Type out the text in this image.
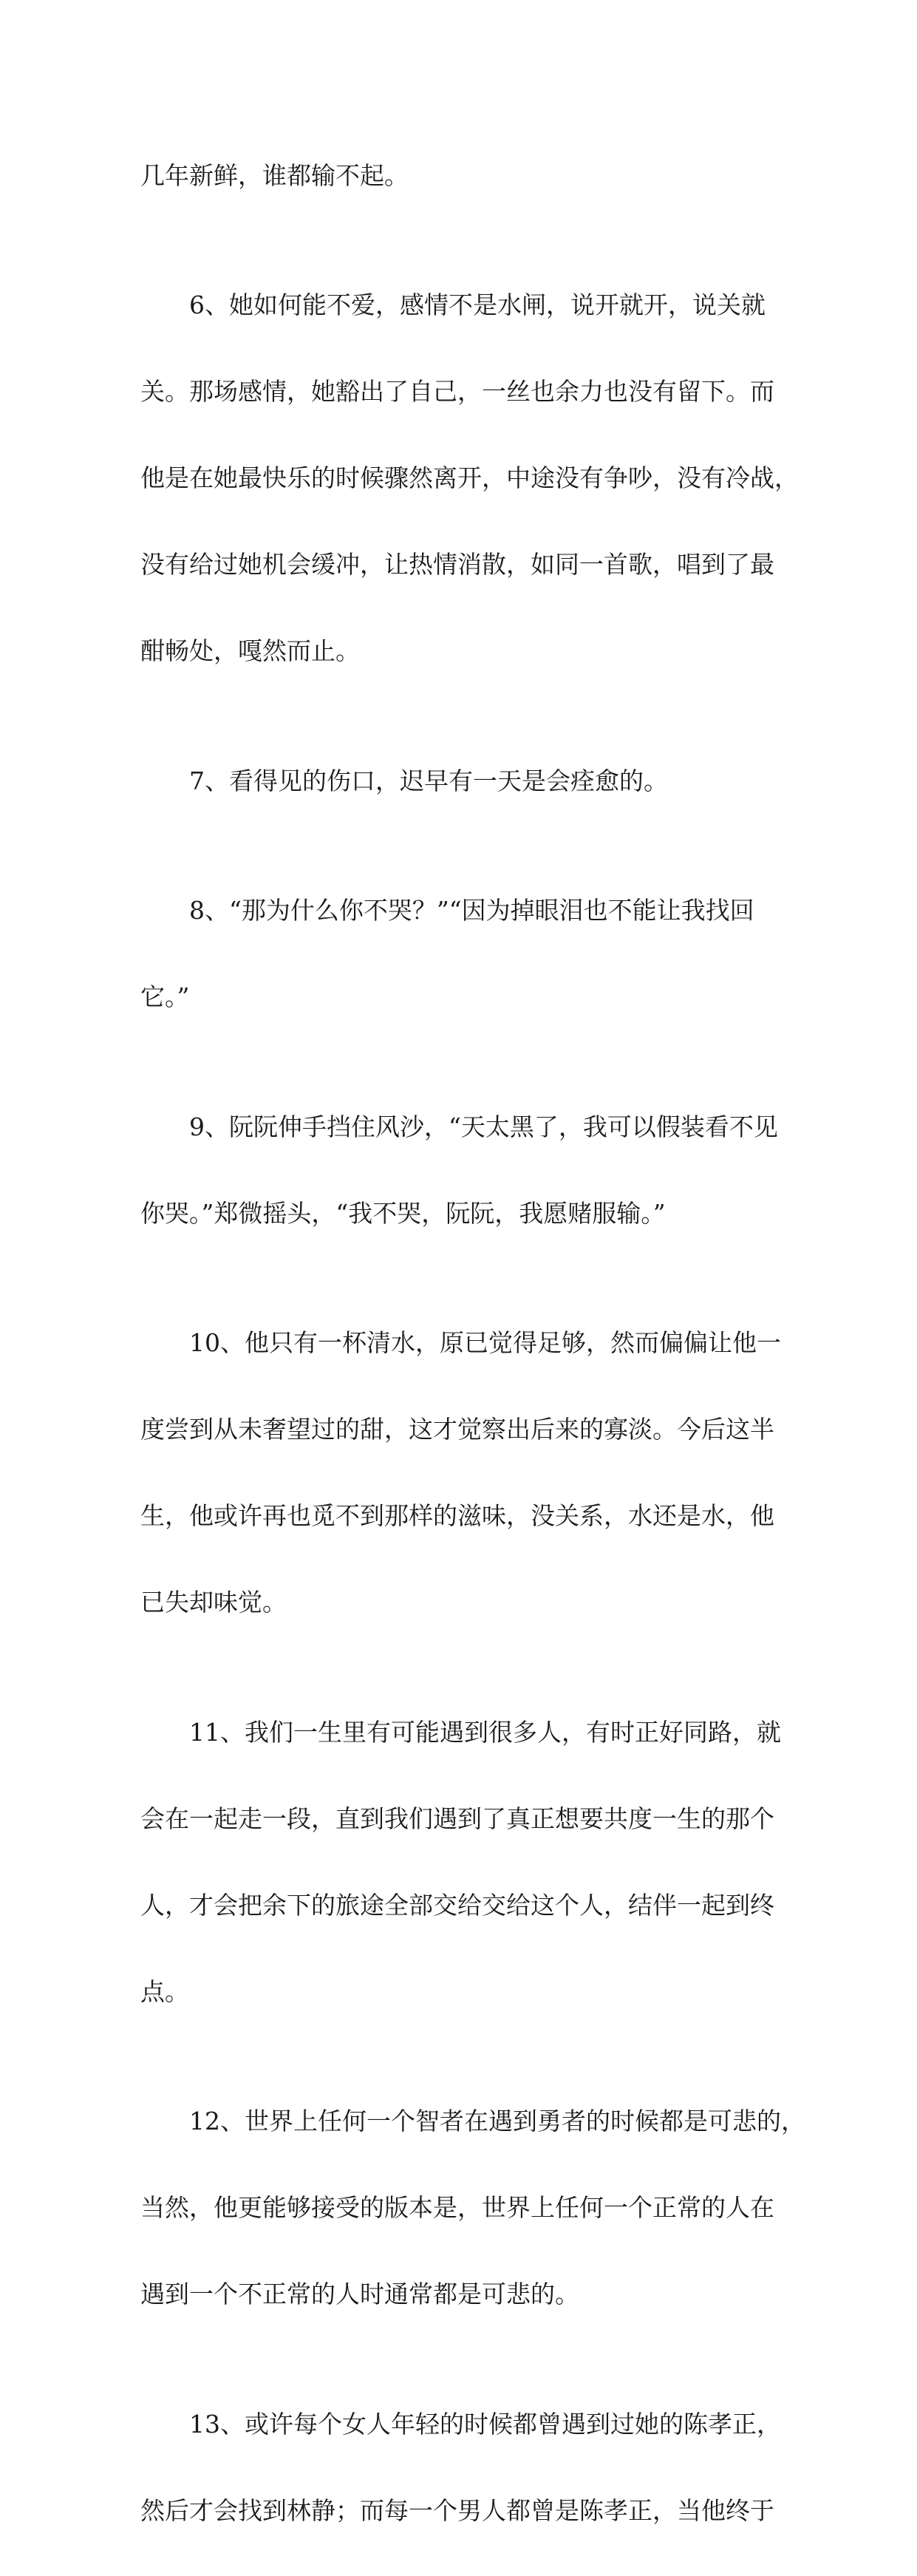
几年新鲜，谁都输不起。

　　6、她如何能不爱，感情不是水闸，说开就开，说关就

关。那场感情，她豁出了自己，一丝也余力也没有留下。而

他是在她最快乐的时候骤然离开，中途没有争吵，没有冷战，

没有给过她机会缓冲，让热情消散，如同一首歌，唱到了最

酣畅处，嘎然而止。

　　7、看得见的伤口，迟早有一天是会痊愈的。

　　8、“那为什么你不哭？”“因为掉眼泪也不能让我找回

它。”

　　9、阮阮伸手挡住风沙，“天太黑了，我可以假装看不见

你哭。”郑微摇头，“我不哭，阮阮，我愿赌服输。”

　　10、他只有一杯清水，原已觉得足够，然而偏偏让他一

度尝到从未奢望过的甜，这才觉察出后来的寡淡。今后这半

生，他或许再也觅不到那样的滋味，没关系，水还是水，他

已失却味觉。

　　11、我们一生里有可能遇到很多人，有时正好同路，就

会在一起走一段，直到我们遇到了真正想要共度一生的那个

人，才会把余下的旅途全部交给交给这个人，结伴一起到终

点。

　　12、世界上任何一个智者在遇到勇者的时候都是可悲的，

当然，他更能够接受的版本是，世界上任何一个正常的人在

遇到一个不正常的人时通常都是可悲的。

　　13、或许每个女人年轻的时候都曾遇到过她的陈孝正，

然后才会找到林静；而每一个男人都曾是陈孝正，当他终于
